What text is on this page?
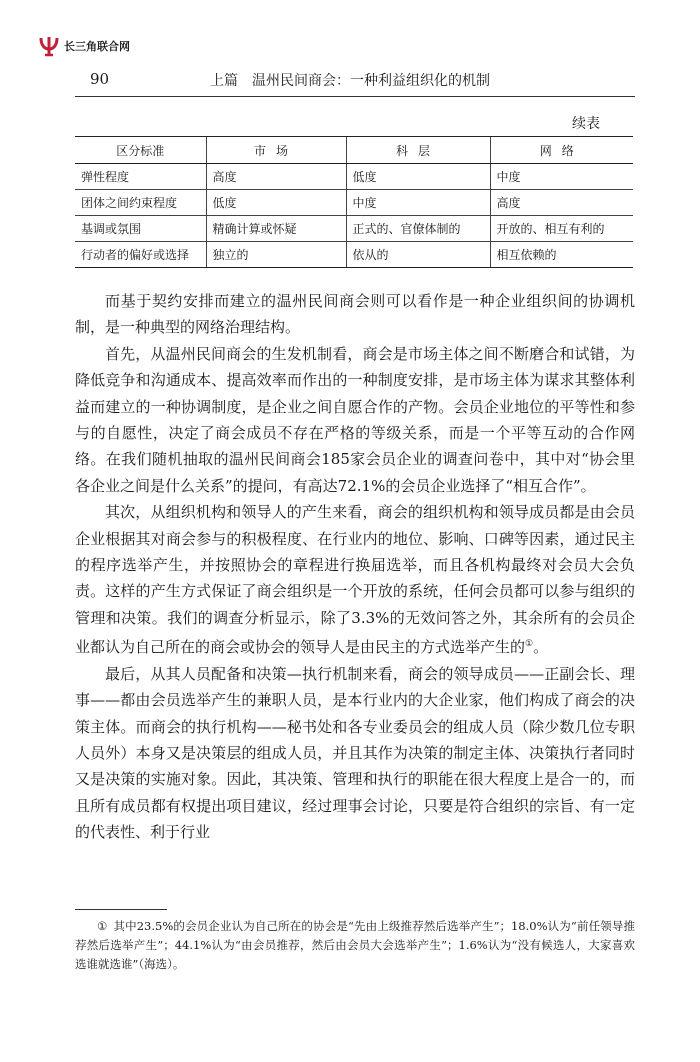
长三角联合网
90	上篇　温州民间商会：一种利益组织化的机制
续表
区分标准	市场	科层	网络
弹性程度	高度	低度	中度
团体之间约束程度	低度	中度	高度
基调或氛围	精确计算或怀疑	正式的、官僚体制的	开放的、相互有利的
行动者的偏好或选择	独立的	依从的	相互依赖的

而基于契约安排而建立的温州民间商会则可以看作是一种企业组织间的协调机制，是一种典型的网络治理结构。

首先，从温州民间商会的生发机制看，商会是市场主体之间不断磨合和试错，为降低竞争和沟通成本、提高效率而作出的一种制度安排，是市场主体为谋求其整体利益而建立的一种协调制度，是企业之间自愿合作的产物。会员企业地位的平等性和参与的自愿性，决定了商会成员不存在严格的等级关系，而是一个平等互动的合作网络。在我们随机抽取的温州民间商会185家会员企业的调查问卷中，其中对“协会里各企业之间是什么关系”的提问，有高达72.1%的会员企业选择了“相互合作”。

其次，从组织机构和领导人的产生来看，商会的组织机构和领导成员都是由会员企业根据其对商会参与的积极程度、在行业内的地位、影响、口碑等因素，通过民主的程序选举产生，并按照协会的章程进行换届选举，而且各机构最终对会员大会负责。这样的产生方式保证了商会组织是一个开放的系统，任何会员都可以参与组织的管理和决策。我们的调查分析显示，除了3.3%的无效问答之外，其余所有的会员企业都认为自己所在的商会或协会的领导人是由民主的方式选举产生的①。

最后，从其人员配备和决策—执行机制来看，商会的领导成员——正副会长、理事——都由会员选举产生的兼职人员，是本行业内的大企业家，他们构成了商会的决策主体。而商会的执行机构——秘书处和各专业委员会的组成人员（除少数几位专职人员外）本身又是决策层的组成人员，并且其作为决策的制定主体、决策执行者同时又是决策的实施对象。因此，其决策、管理和执行的职能在很大程度上是合一的，而且所有成员都有权提出项目建议，经过理事会讨论，只要是符合组织的宗旨、有一定的代表性、利于行业

① 其中23.5%的会员企业认为自己所在的协会是“先由上级推荐然后选举产生”；18.0%认为“前任领导推荐然后选举产生”；44.1%认为“由会员推荐，然后由会员大会选举产生”；1.6%认为“没有候选人，大家喜欢选谁就选谁”（海选）。
